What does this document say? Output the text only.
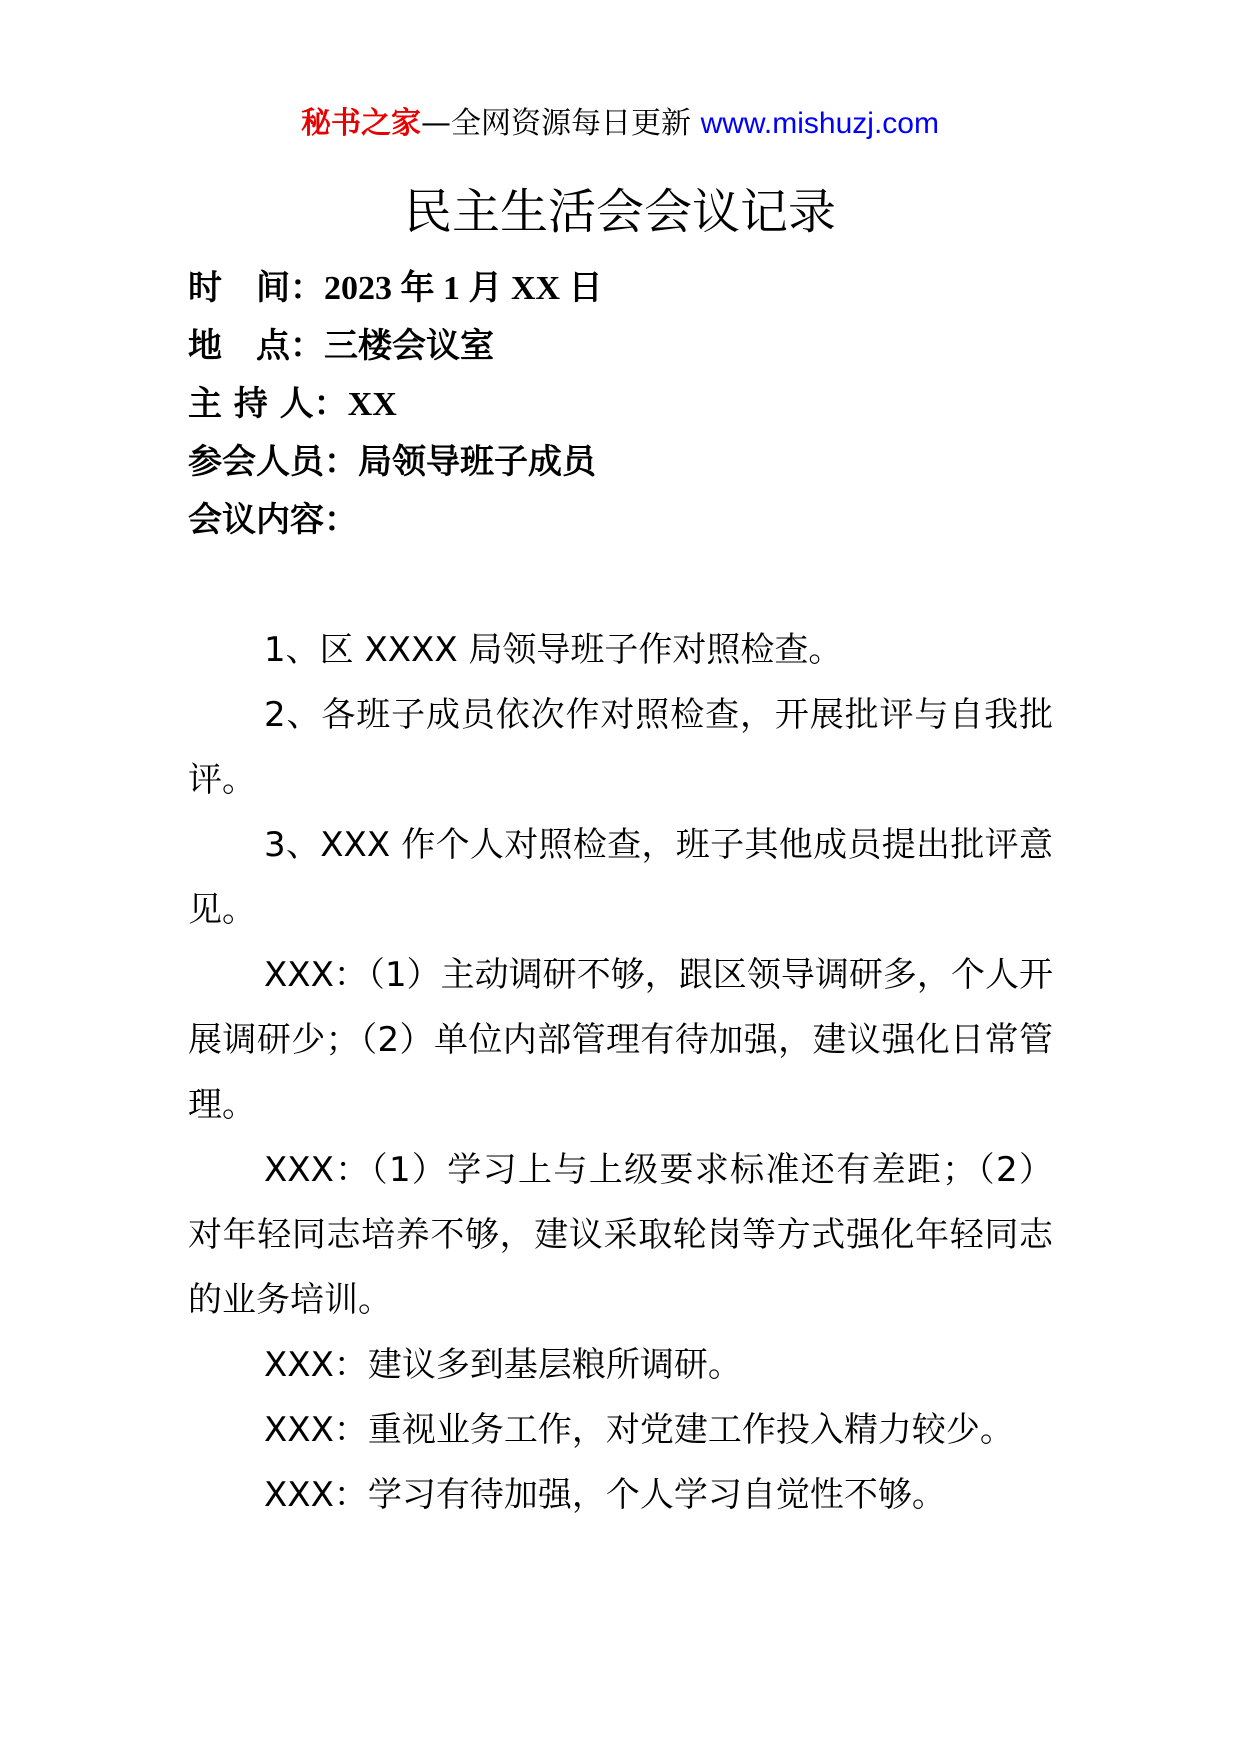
秘书之家—全网资源每日更新 www.mishuzj.com
民主生活会会议记录
时　间：2023 年 1 月 XX 日
地　点：三楼会议室
主 持 人：XX
参会人员：局领导班子成员
会议内容：

1、区 XXXX 局领导班子作对照检查。

2、各班子成员依次作对照检查，开展批评与自我批评。

3、XXX 作个人对照检查，班子其他成员提出批评意见。

XXX：（1）主动调研不够，跟区领导调研多，个人开展调研少；（2）单位内部管理有待加强，建议强化日常管理。

XXX：（1）学习上与上级要求标准还有差距；（2）对年轻同志培养不够，建议采取轮岗等方式强化年轻同志的业务培训。

XXX：建议多到基层粮所调研。

XXX：重视业务工作，对党建工作投入精力较少。

XXX：学习有待加强，个人学习自觉性不够。
